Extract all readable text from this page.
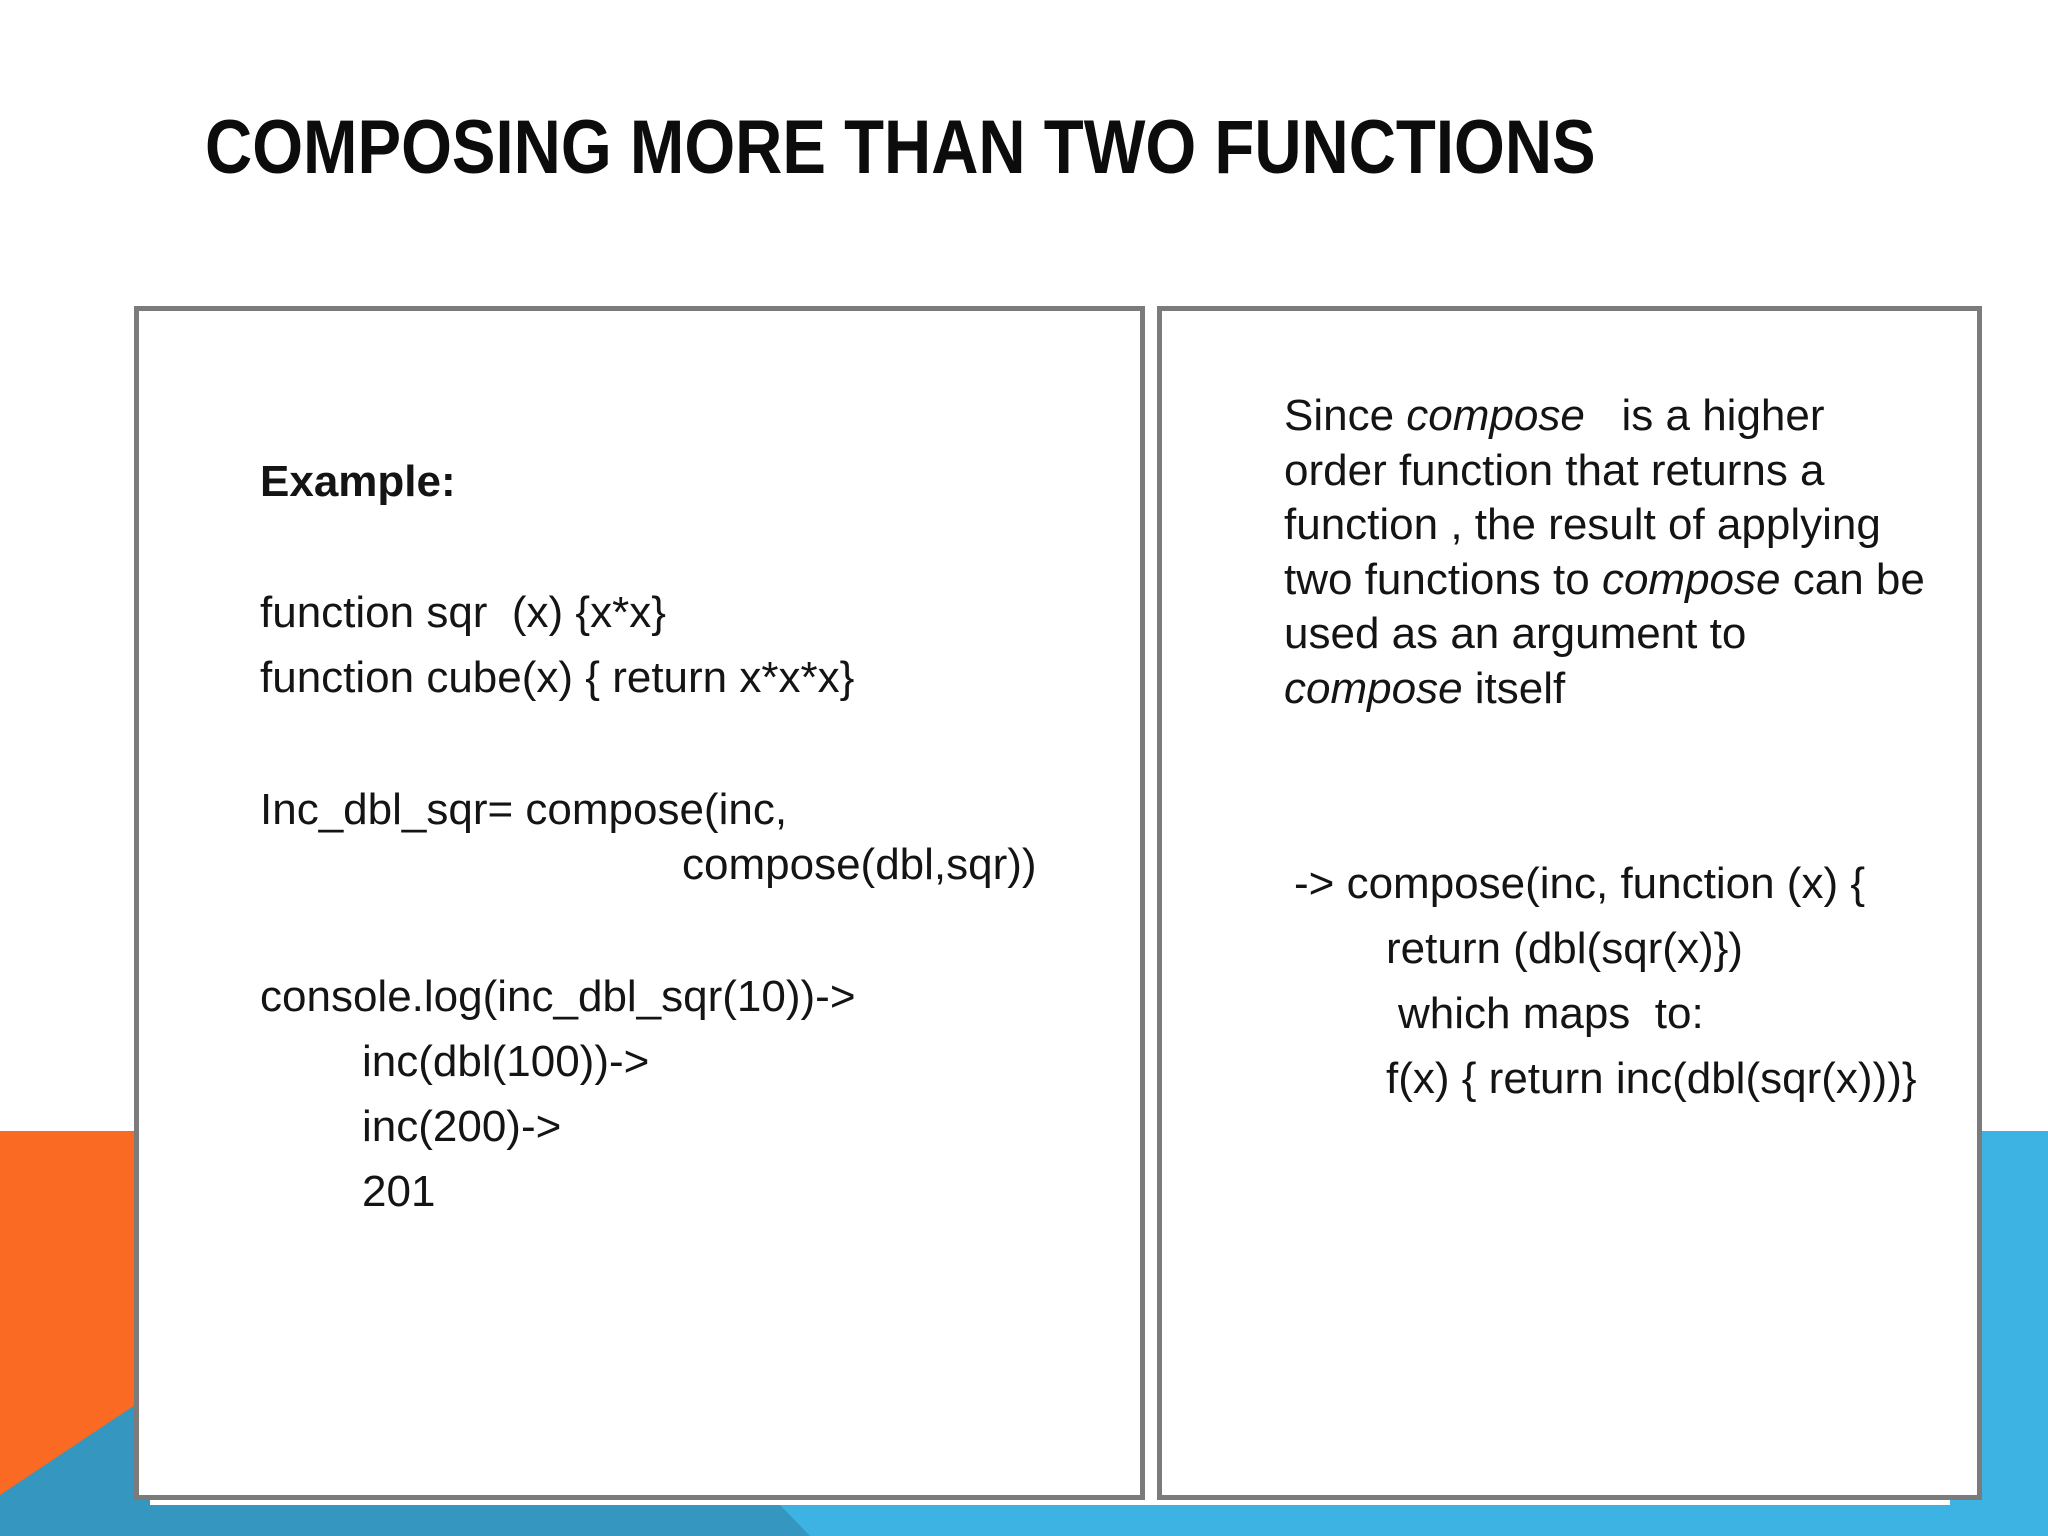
COMPOSING MORE THAN TWO FUNCTIONS

Example:

function sqr  (x) {x*x}

function cube(x) { return x*x*x}

Inc_dbl_sqr= compose(inc,

compose(dbl,sqr))

console.log(inc_dbl_sqr(10))->

inc(dbl(100))->

inc(200)->

201

Since compose   is a higher
order function that returns a
function , the result of applying
two functions to compose can be
used as an argument to
compose itself

-> compose(inc, function (x) {

return (dbl(sqr(x)})

which maps  to:

f(x) { return inc(dbl(sqr(x)))}
